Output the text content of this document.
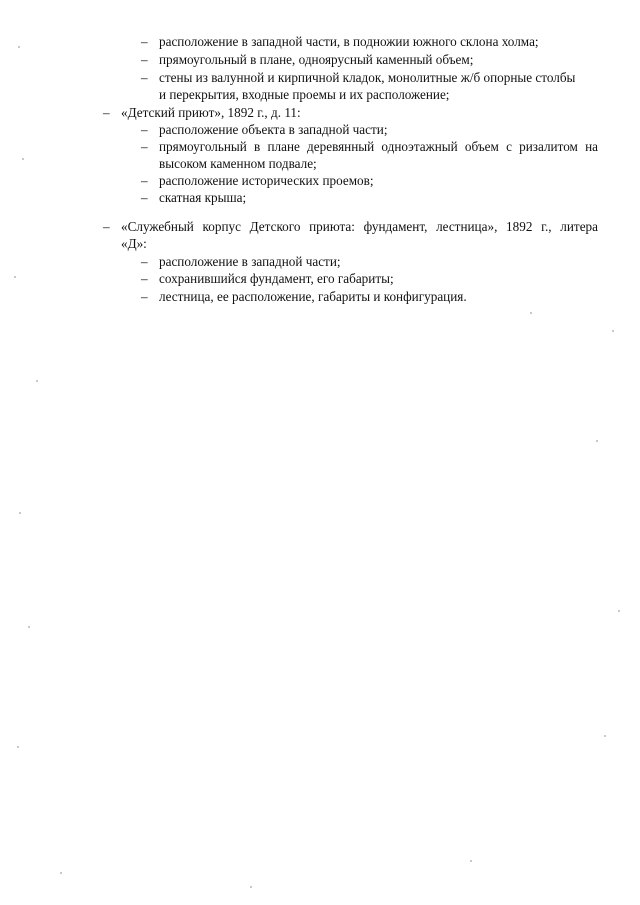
– расположение в западной части, в подножии южного склона холма;
– прямоугольный в плане, одноярусный каменный объем;
– стены из валунной и кирпичной кладок, монолитные ж/б опорные столбы
и перекрытия, входные проемы и их расположение;
– «Детский приют», 1892 г., д. 11:
– расположение объекта в западной части;
– прямоугольный в плане деревянный одноэтажный объем с ризалитом на
высоком каменном подвале;
– расположение исторических проемов;
– скатная крыша;
– «Служебный корпус Детского приюта: фундамент, лестница», 1892 г., литера
«Д»:
– расположение в западной части;
– сохранившийся фундамент, его габариты;
– лестница, ее расположение, габариты и конфигурация.
